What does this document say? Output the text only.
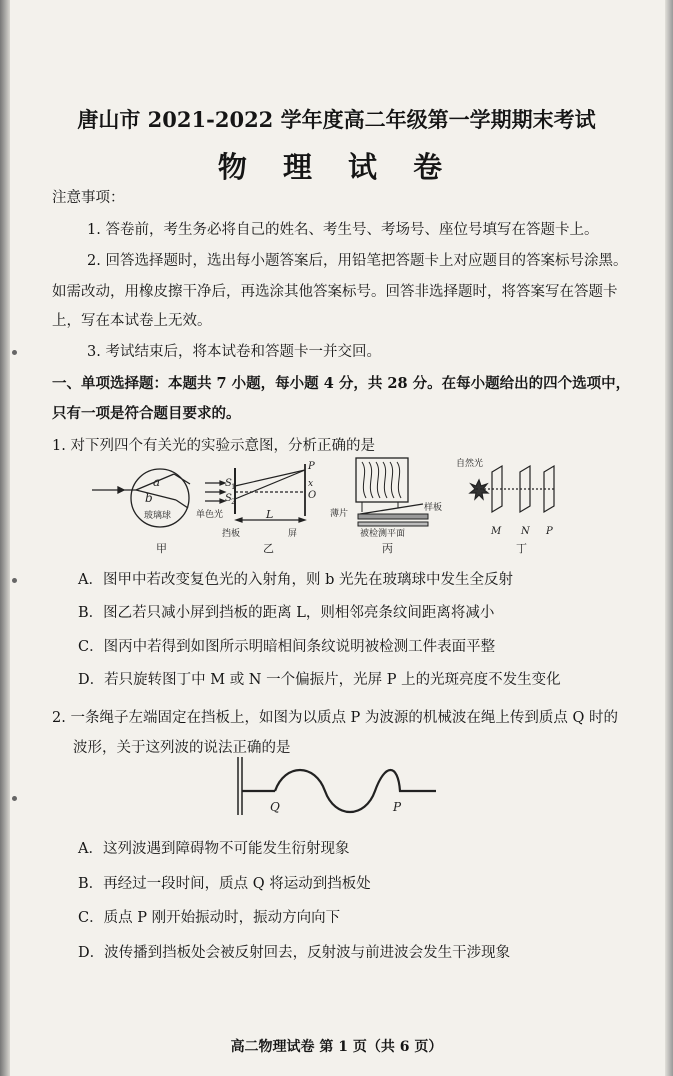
唐山市 2021-2022 学年度高二年级第一学期期末考试
物 理 试 卷
注意事项：
1. 答卷前，考生务必将自己的姓名、考生号、考场号、座位号填写在答题卡上。
2. 回答选择题时，选出每小题答案后，用铅笔把答题卡上对应题目的答案标号涂黑。
如需改动，用橡皮擦干净后，再选涂其他答案标号。回答非选择题时，将答案写在答题卡
上，写在本试卷上无效。
3. 考试结束后，将本试卷和答题卡一并交回。
一、单项选择题：本题共 7 小题，每小题 4 分，共 28 分。在每小题给出的四个选项中，
只有一项是符合题目要求的。
1. 对下列四个有关光的实验示意图，分析正确的是
a
b
玻璃球
甲
S 1
S 2
P
x
O
L
单色光
挡板	屏
乙
薄片
样板
被检测平面
丙
自然光
M N P
丁
A．图甲中若改变复色光的入射角，则 b 光先在玻璃球中发生全反射
B．图乙若只减小屏到挡板的距离 L，则相邻亮条纹间距离将减小
C．图丙中若得到如图所示明暗相间条纹说明被检测工件表面平整
D．若只旋转图丁中 M 或 N 一个偏振片，光屏 P 上的光斑亮度不发生变化
2. 一条绳子左端固定在挡板上，如图为以质点 P 为波源的机械波在绳上传到质点 Q 时的
波形，关于这列波的说法正确的是
Q	P
A．这列波遇到障碍物不可能发生衍射现象
B．再经过一段时间，质点 Q 将运动到挡板处
C．质点 P 刚开始振动时，振动方向向下
D．波传播到挡板处会被反射回去，反射波与前进波会发生干涉现象
高二物理试卷 第 1 页（共 6 页）
